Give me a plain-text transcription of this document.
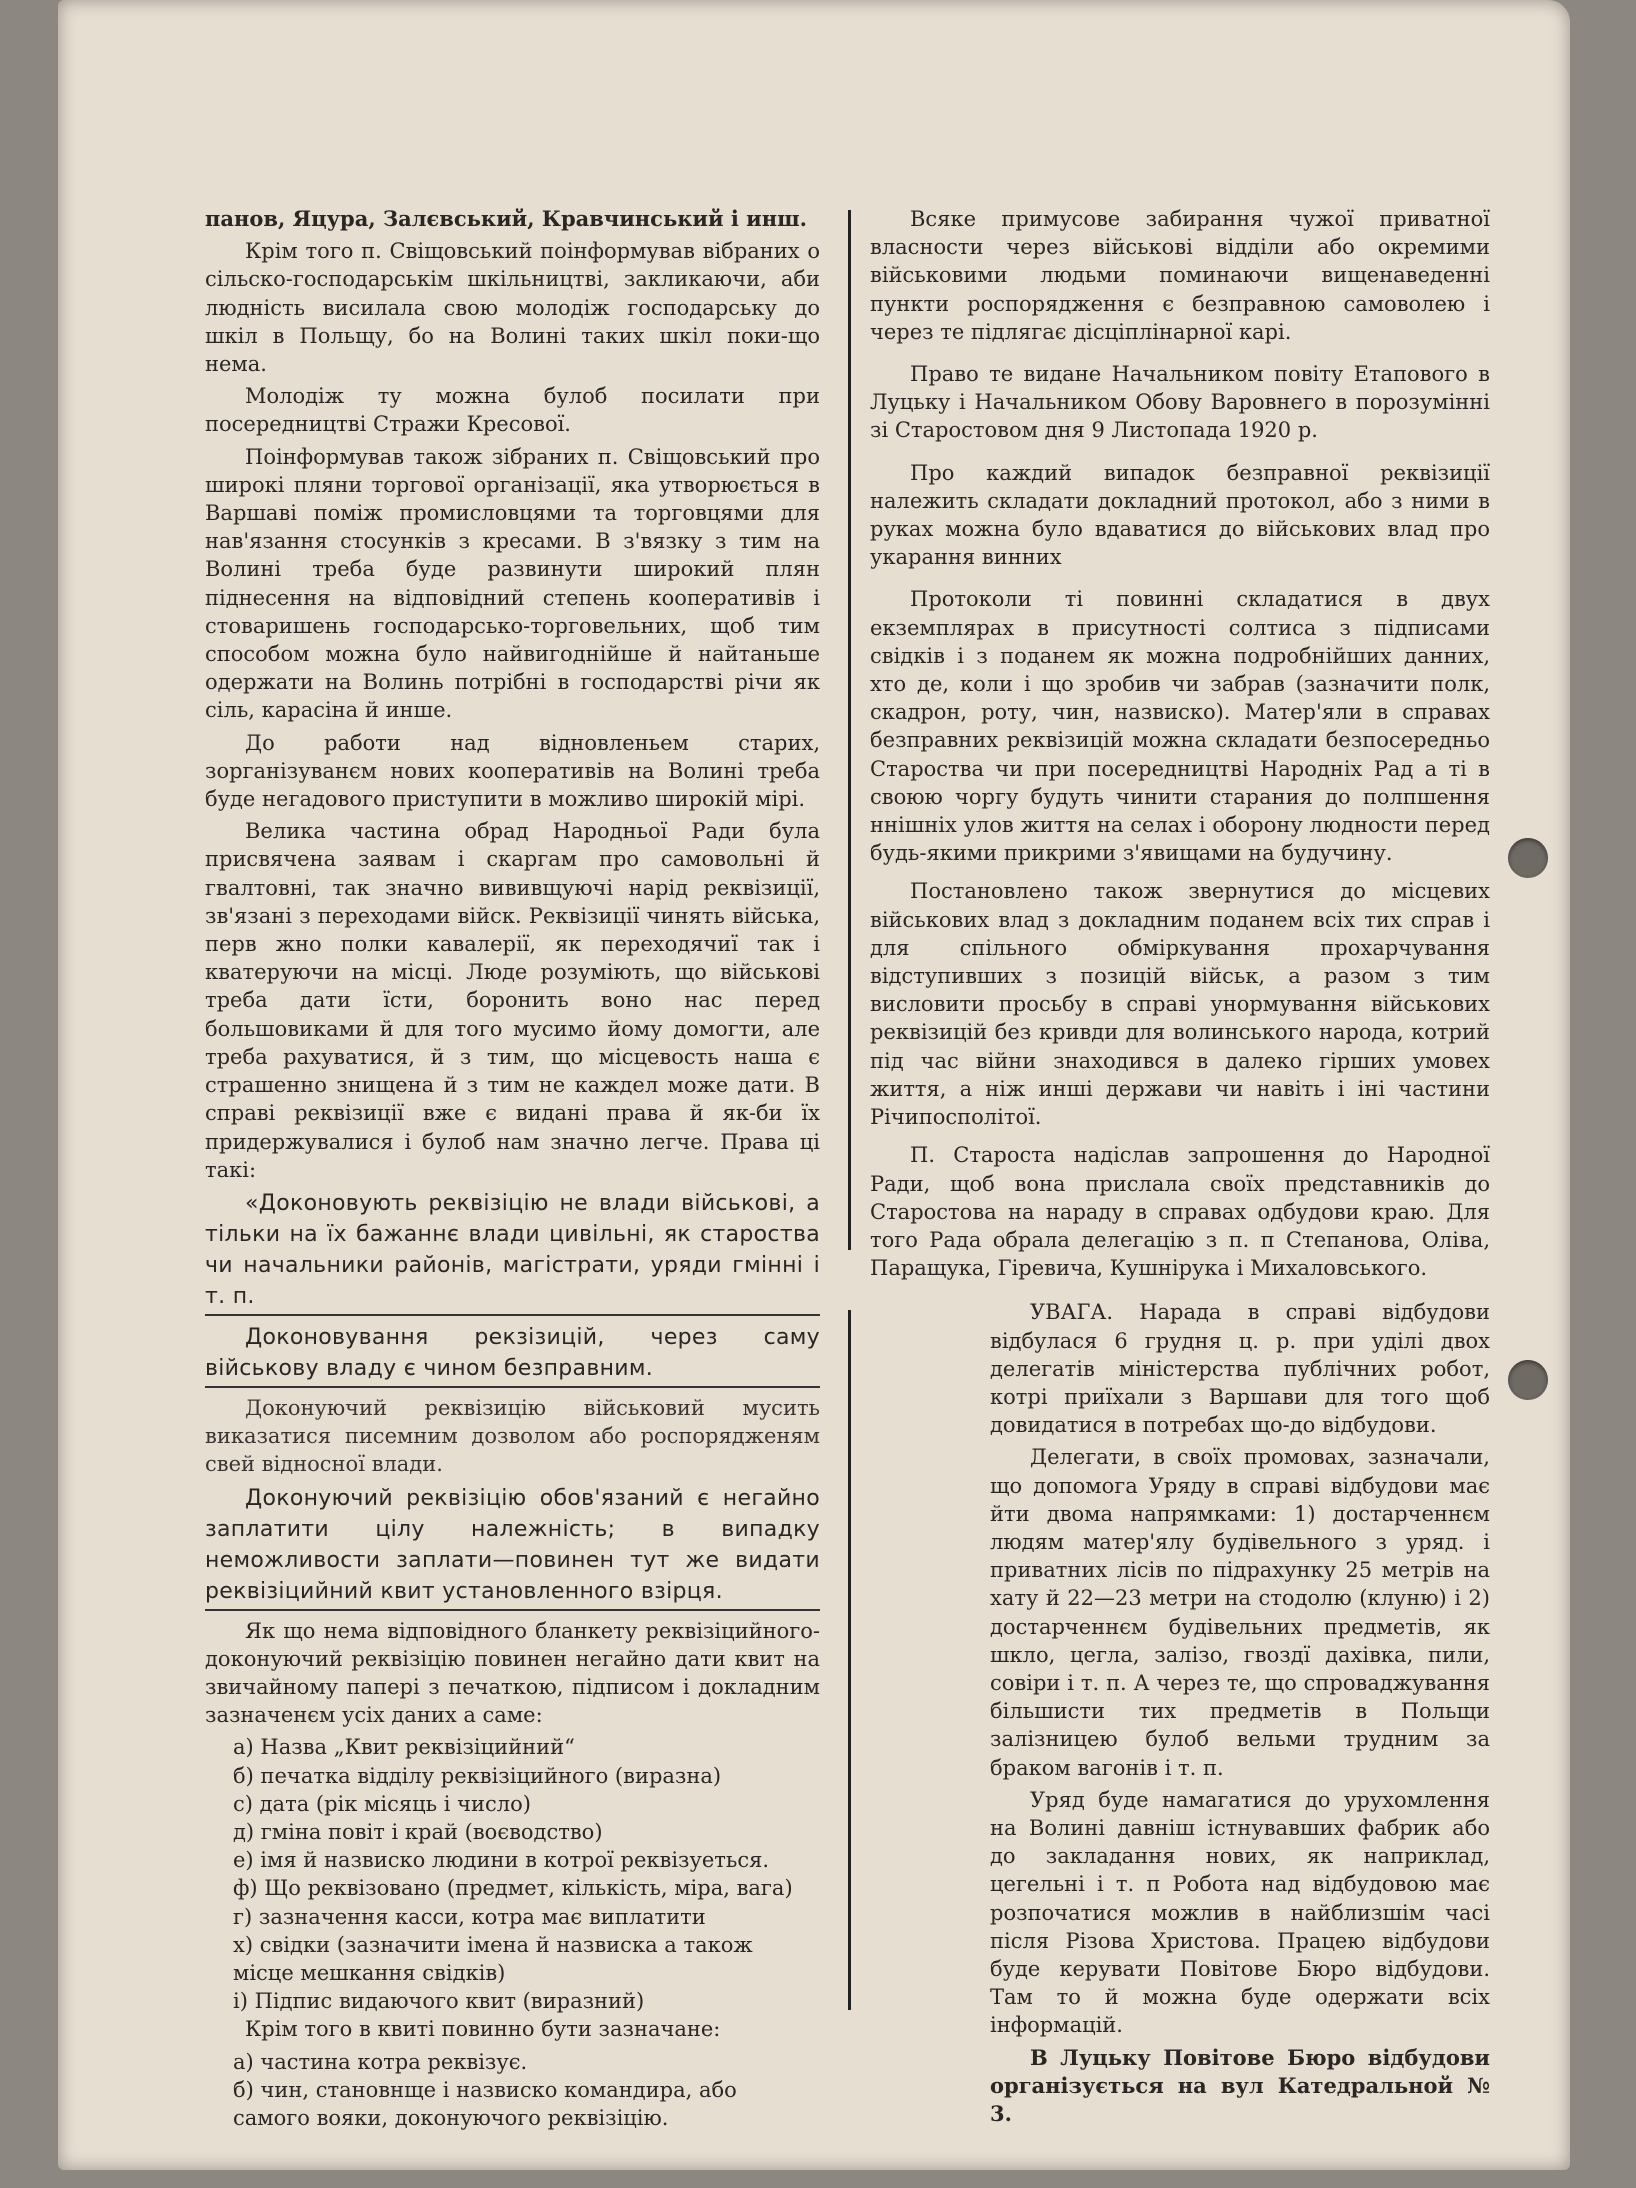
панов, Яцура, Залєвський, Кравчинський і инш.

Крім того п. Свіщовський поінформував вібраних о сільско-господарськім шкільництві, закликаючи, аби людність висилала свою молодіж господарську до шкіл в Польщу, бо на Волині таких шкіл поки-що нема.

Молодіж ту можна булоб посилати при посередництві Стражи Кресової.

Поінформував також зібраних п. Свіщовський про широкі пляни торгової організації, яка утворюється в Варшаві поміж промисловцями та торговцями для нав'язання стосунків з кресами. В з'вязку з тим на Волині треба буде развинути широкий плян піднесення на відповідний степень кооперативів і стоваришень господарсько-торговельних, щоб тим способом можна було найвигоднійше й найтаньше одержати на Волинь потрібні в господарстві річи як сіль, карасіна й инше.

До работи над відновленьем старих, зорганізуванєм нових кооперативів на Волині треба буде негадового приступити в можливо широкій мірі.

Велика частина обрад Народньої Ради була присвячена заявам і скаргам про самовольні й гвалтовні, так значно вививщуючі нарід реквізиції, зв'язані з переходами війск. Реквізиції чинять війська, перв жно полки кавалерії, як переходячиї так і кватеруючи на місці. Люде розуміють, що військові треба дати їсти, боронить воно нас перед большовиками й для того мусимо йому домогти, але треба рахуватися, й з тим, що місцевость наша є страшенно знищена й з тим не каждел може дати. В справі реквізиції вже є видані права й як-би їх придержувалися і булоб нам значно легче. Права ці такі:

«Доконовують реквізіцію не влади військові, а тільки на їх бажаннє влади цивільні, як староства чи начальники районів, магістрати, уряди гмінні і т. п.

Доконовування рекзізицій, через саму військову владу є чином безправним.

Доконуючий реквізицію військовий мусить виказатися писемним дозволом або роспорядженям свей відносної влади.

Доконуючий реквізіцію обов'язаний є негайно заплатити цілу належність; в випадку неможливости заплати—повинен тут же видати реквізіцийний квит установленного взірця.

Як що нема відповідного бланкету реквізіцийного-доконуючий реквізіцію повинен негайно дати квит на звичайному папері з печаткою, підписом і докладним зазначенєм усіх даних а саме:

а) Назва „Квит реквізіцийний“
б) печатка відділу реквізіцийного (виразна)
с) дата (рік місяць і число)
д) гміна повіт і край (воєводство)
е) імя й назвиско людини в котрої реквізуеться.
ф) Що реквізовано (предмет, кількість, міра, вага)
г) зазначення касси, котра має виплатити
х) свідки (зазначити імена й назвиска а також місце мешкання свідків)
і) Підпис видаючого квит (виразний)

Крім того в квиті повинно бути зазначане:

а) частина котра реквізує.
б) чин, становнще і назвиско командира, або самого вояки, доконуючого реквізіцію.

Всяке примусове забирання чужої приватної власности через військові відділи або окремими військовими людьми поминаючи вищенаведенні пункти роспорядження є безправною самоволею і через те підлягає дісціплінарної карі.

Право те видане Начальником повіту Етапового в Луцьку і Начальником Обову Варовнего в порозумінні зі Старостовом дня 9 Листопада 1920 р.

Про каждий випадок безправної реквізиції належить складати докладний протокол, або з ними в руках можна було вдаватися до військових влад про укарання винних

Протоколи ті повинні складатися в двух екземплярах в присутності солтиса з підписами свідків і з поданем як можна подробнійших данних, хто де, коли і що зробив чи забрав (зазначити полк, скадрон, роту, чин, назвиско). Матер'яли в справах безправних реквізицій можна складати безпосередньо Староства чи при посередництві Народніх Рад а ті в своюю чоргу будуть чинити старания до полпшення ннішніх улов життя на селах і оборону людности перед будь-якими прикрими з'явищами на будучину.

Постановлено також звернутися до місцевих військових влад з докладним поданем всіх тих справ і для спільного обміркування прохарчування відступивших з позицій військ, а разом з тим висловити просьбу в справі унормування військових реквізицій без кривди для волинського народа, котрий під час війни знаходився в далеко гіршиx умовех життя, а ніж инші держави чи навіть і іні частини Річипосполітої.

П. Староста надіслав запрошення до Народної Ради, щоб вона прислала своїх представників до Старостова на нараду в справах одбудови краю. Для того Рада обрала делегацію з п. п Степанова, Оліва, Паращука, Гіревича, Кушнірука і Михаловського.

УВАГА. Нарада в справі відбудови відбулася 6 грудня ц. р. при уділі двох делегатів міністерства публічних робот, котрі приїхали з Варшави для того щоб довидатися в потребах що-до відбудови.

Делегати, в своїх промовах, зазначали, що допомога Уряду в справі відбудови має йти двома напрямками: 1) достарченнєм людям матер'ялу будівельного з уряд. і приватних лісів по підрахунку 25 метрів на хату й 22—23 метри на стодолю (клуню) і 2) достарченнєм будівельних предметів, як шкло, цегла, залізо, гвоздї дахівка, пили, совіри і т. п. А через те, що спроваджування більшисти тих предметів в Польщи залізницею булоб вельми трудним за браком вагонів і т. п.

Уряд буде намагатися до урухомлення на Волині давніш істнувавших фабрик або до закладання нових, як наприклад, цегельні і т. п Робота над відбудовою має розпочатися можлив в найблизшім часі після Різова Христова. Працею відбудови буде керувати Повітове Бюро відбудови. Там то й можна буде одержати всіх інформацій.

В Луцьку Повітове Бюро відбудови організується на вул Катедральной № 3.
